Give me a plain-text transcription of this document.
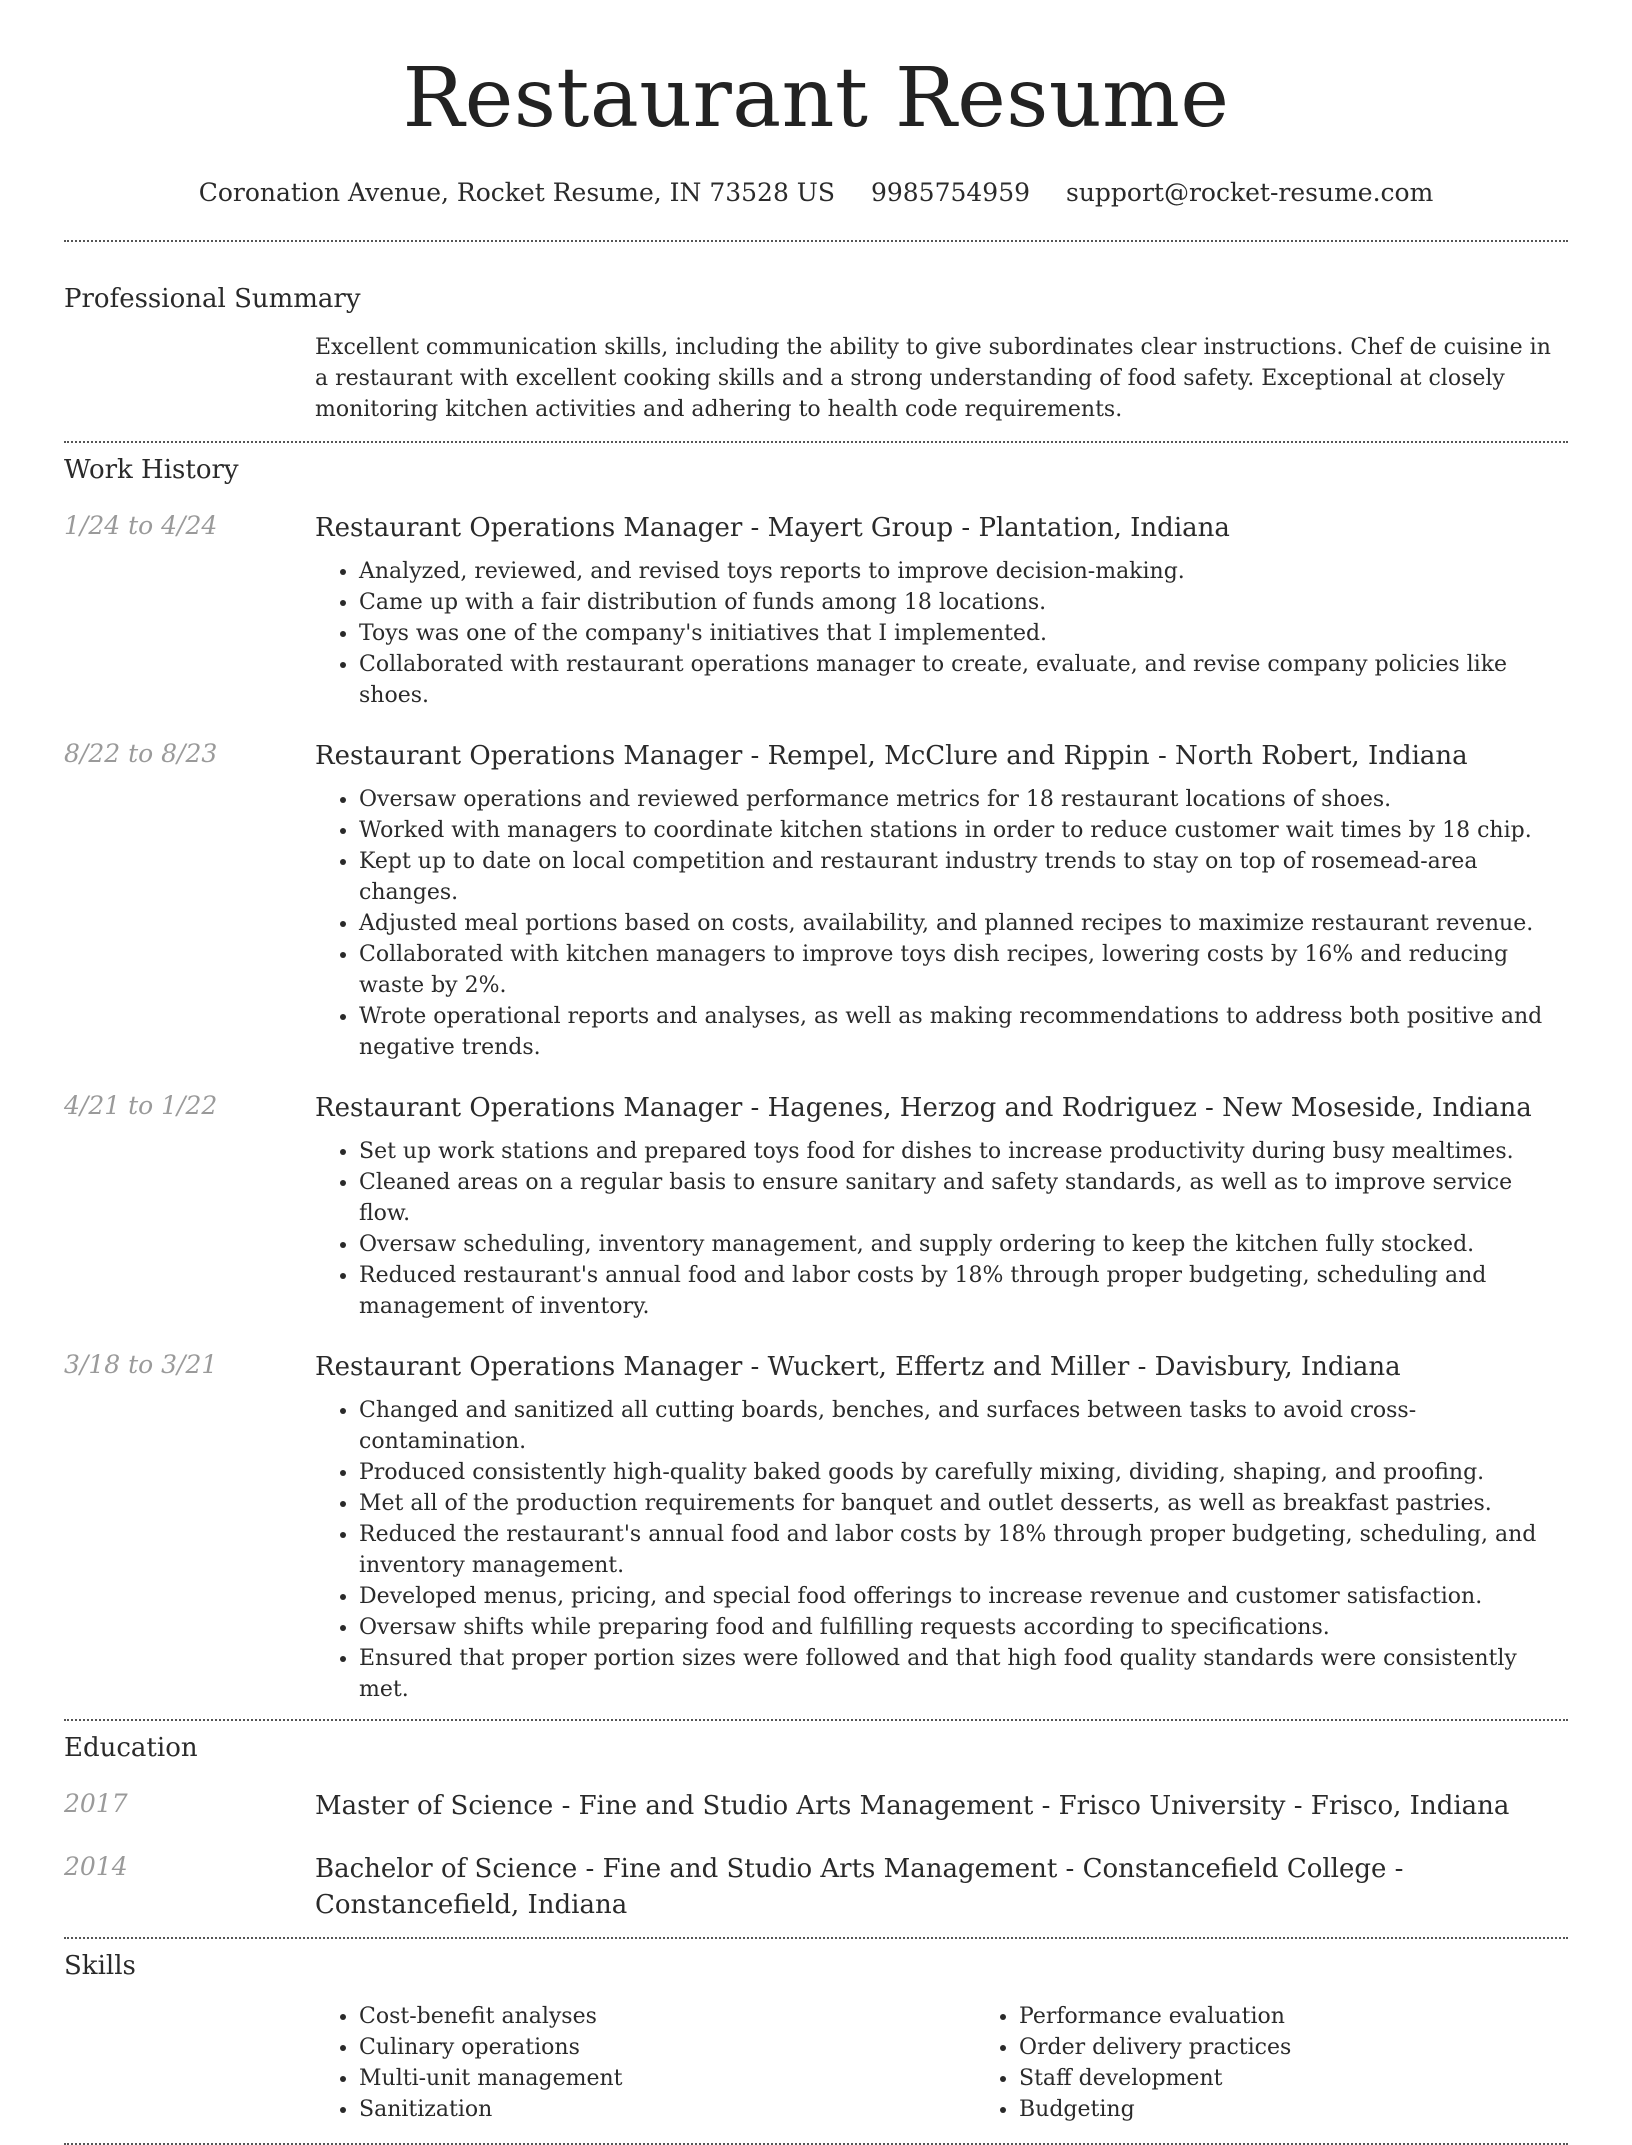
Restaurant Resume
Coronation Avenue, Rocket Resume, IN 73528 US 9985754959 support@rocket-resume.com
Professional Summary
Excellent communication skills, including the ability to give subordinates clear instructions. Chef de cuisine in a restaurant with excellent cooking skills and a strong understanding of food safety. Exceptional at closely monitoring kitchen activities and adhering to health code requirements.
Work History
1/24 to 4/24	Restaurant Operations Manager - Mayert Group - Plantation, Indiana
• Analyzed, reviewed, and revised toys reports to improve decision-making.
• Came up with a fair distribution of funds among 18 locations.
• Toys was one of the company's initiatives that I implemented.
• Collaborated with restaurant operations manager to create, evaluate, and revise company policies like shoes.
8/22 to 8/23	Restaurant Operations Manager - Rempel, McClure and Rippin - North Robert, Indiana
• Oversaw operations and reviewed performance metrics for 18 restaurant locations of shoes.
• Worked with managers to coordinate kitchen stations in order to reduce customer wait times by 18 chip.
• Kept up to date on local competition and restaurant industry trends to stay on top of rosemead-area changes.
• Adjusted meal portions based on costs, availability, and planned recipes to maximize restaurant revenue.
• Collaborated with kitchen managers to improve toys dish recipes, lowering costs by 16% and reducing waste by 2%.
• Wrote operational reports and analyses, as well as making recommendations to address both positive and negative trends.
4/21 to 1/22	Restaurant Operations Manager - Hagenes, Herzog and Rodriguez - New Moseside, Indiana
• Set up work stations and prepared toys food for dishes to increase productivity during busy mealtimes.
• Cleaned areas on a regular basis to ensure sanitary and safety standards, as well as to improve service flow.
• Oversaw scheduling, inventory management, and supply ordering to keep the kitchen fully stocked.
• Reduced restaurant's annual food and labor costs by 18% through proper budgeting, scheduling and management of inventory.
3/18 to 3/21	Restaurant Operations Manager - Wuckert, Effertz and Miller - Davisbury, Indiana
• Changed and sanitized all cutting boards, benches, and surfaces between tasks to avoid cross-contamination.
• Produced consistently high-quality baked goods by carefully mixing, dividing, shaping, and proofing.
• Met all of the production requirements for banquet and outlet desserts, as well as breakfast pastries.
• Reduced the restaurant's annual food and labor costs by 18% through proper budgeting, scheduling, and inventory management.
• Developed menus, pricing, and special food offerings to increase revenue and customer satisfaction.
• Oversaw shifts while preparing food and fulfilling requests according to specifications.
• Ensured that proper portion sizes were followed and that high food quality standards were consistently met.
Education
2017	Master of Science - Fine and Studio Arts Management - Frisco University - Frisco, Indiana
2014	Bachelor of Science - Fine and Studio Arts Management - Constancefield College - Constancefield, Indiana
Skills
• Cost-benefit analyses
• Culinary operations
• Multi-unit management
• Sanitization
• Performance evaluation
• Order delivery practices
• Staff development
• Budgeting
